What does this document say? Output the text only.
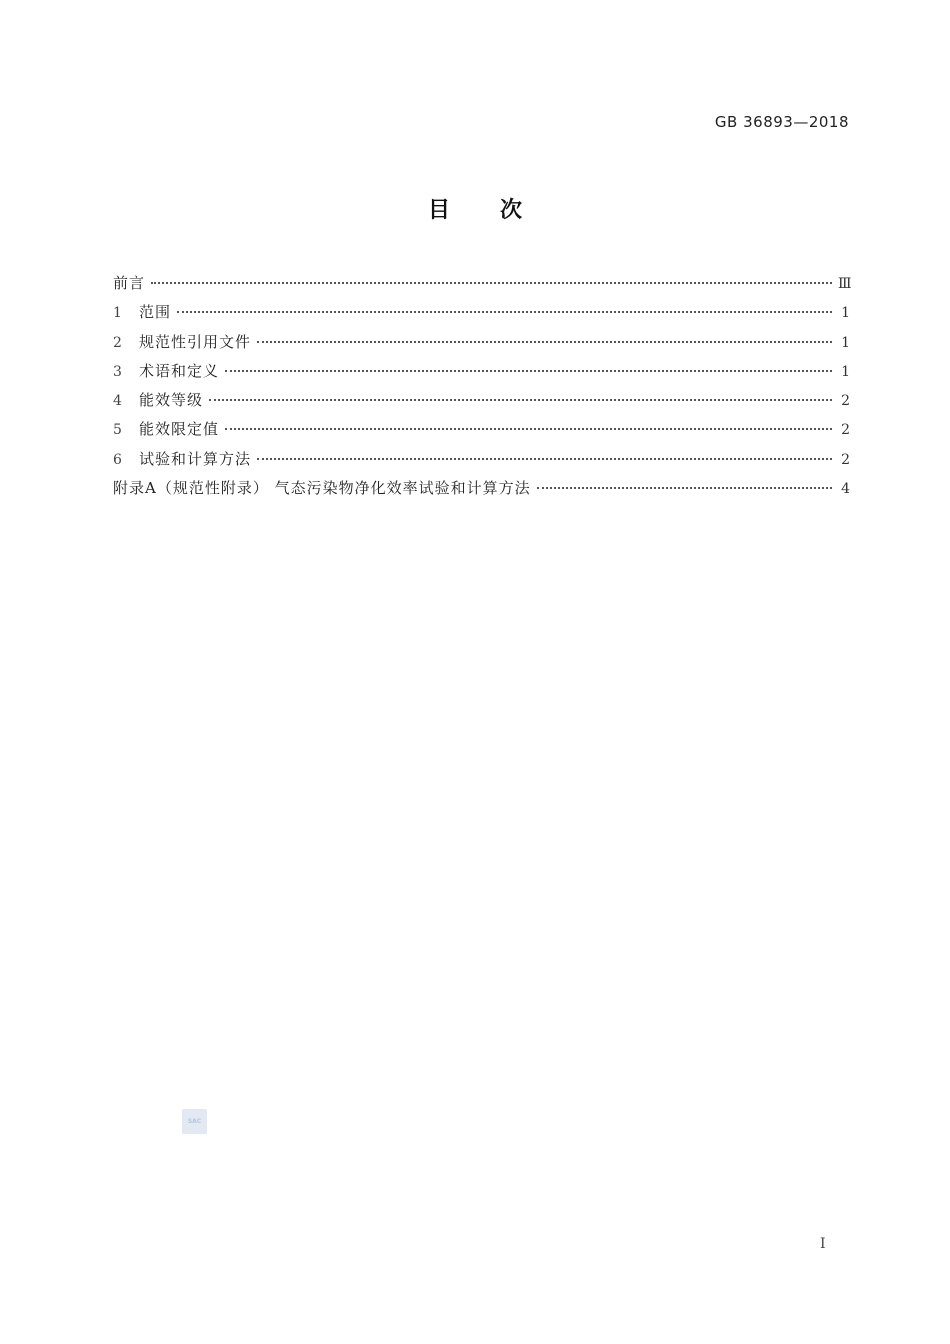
GB 36893—2018
目次
前言	Ⅲ
1	范围	1
2	规范性引用文件	1
3	术语和定义	1
4	能效等级	2
5	能效限定值	2
6	试验和计算方法	2
附录A（规范性附录） 气态污染物净化效率试验和计算方法	4
SAC
I
